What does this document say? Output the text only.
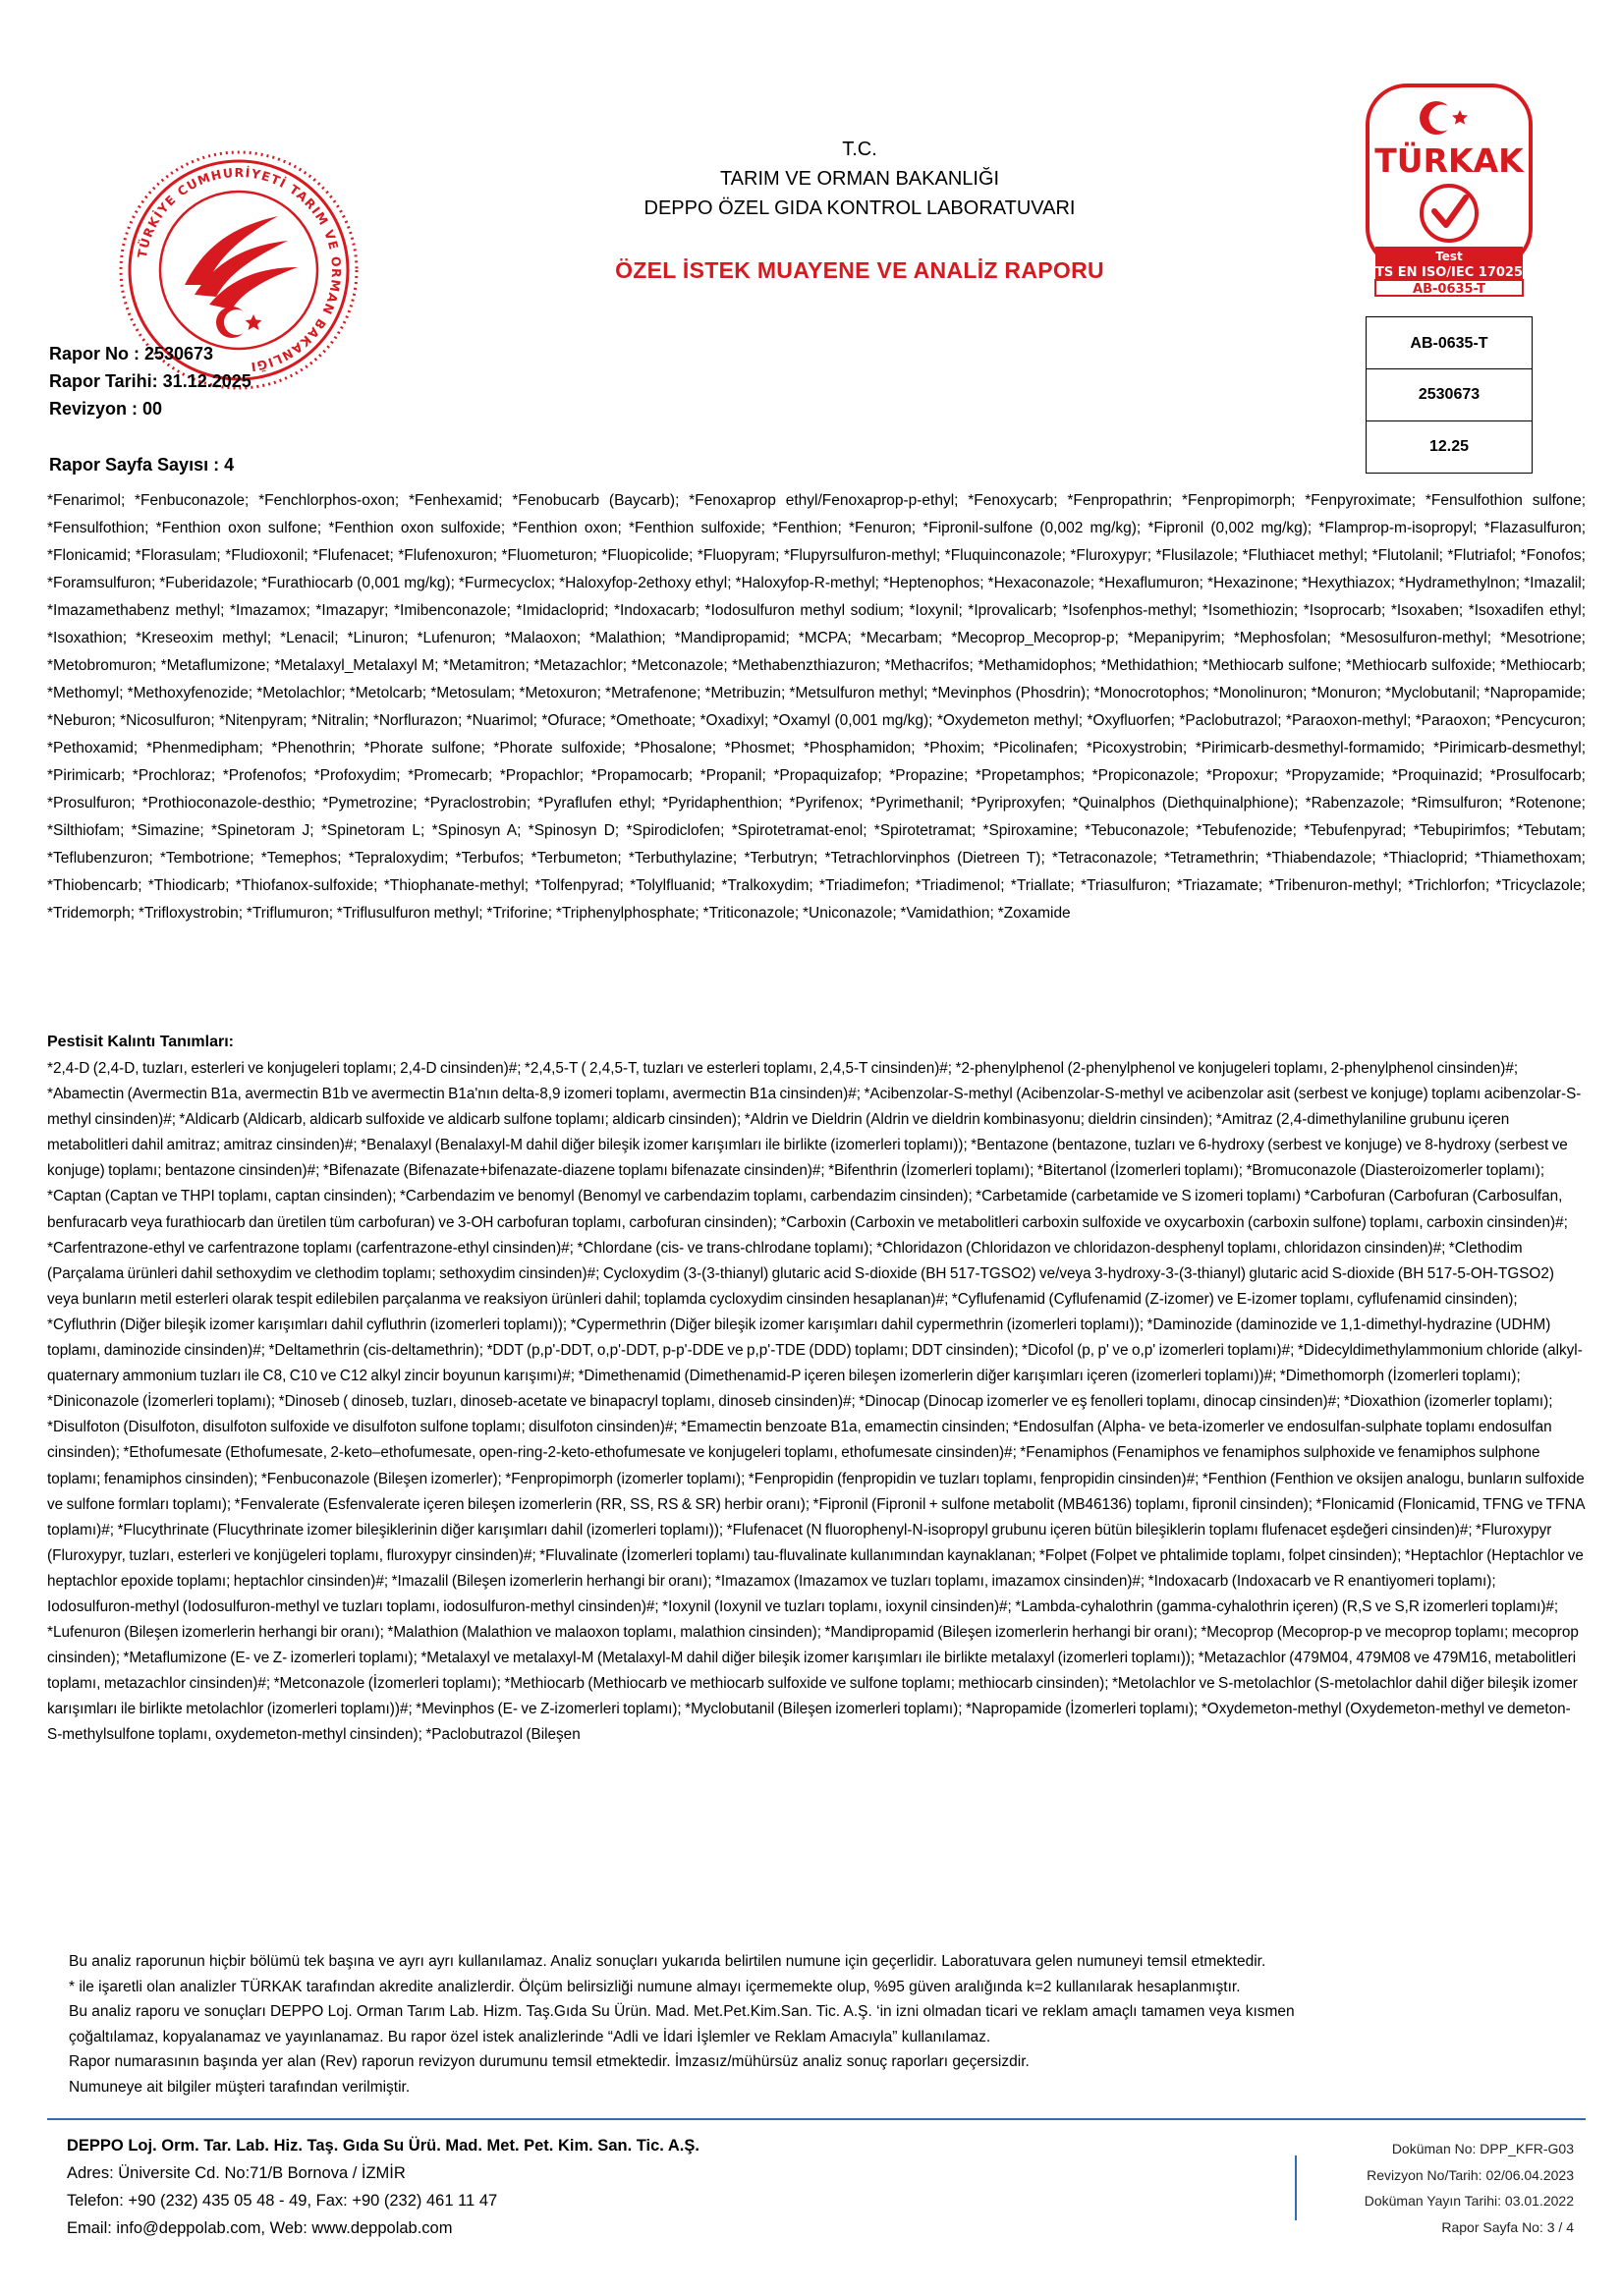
TÜRKİYE CUMHURİYETİ TARIM VE ORMAN BAKANLIĞI
T.C.
TARIM VE ORMAN BAKANLIĞI
DEPPO ÖZEL GIDA KONTROL LABORATUVARI
ÖZEL İSTEK MUAYENE VE ANALİZ RAPORU
TÜRKAK
Test
TS EN ISO/IEC 17025
AB-0635-T
AB-0635-T
2530673
12.25
Rapor No : 2530673
Rapor Tarihi: 31.12.2025
Revizyon : 00
Rapor Sayfa Sayısı : 4
*Fenarimol; *Fenbuconazole; *Fenchlorphos-oxon; *Fenhexamid; *Fenobucarb (Baycarb); *Fenoxaprop ethyl/Fenoxaprop-p-ethyl; *Fenoxycarb; *Fenpropathrin; *Fenpropimorph; *Fenpyroximate; *Fensulfothion sulfone; *Fensulfothion; *Fenthion oxon sulfone; *Fenthion oxon sulfoxide; *Fenthion oxon; *Fenthion sulfoxide; *Fenthion; *Fenuron; *Fipronil-sulfone (0,002 mg/kg); *Fipronil (0,002 mg/kg); *Flamprop-m-isopropyl; *Flazasulfuron; *Flonicamid; *Florasulam; *Fludioxonil; *Flufenacet; *Flufenoxuron; *Fluometuron; *Fluopicolide; *Fluopyram; *Flupyrsulfuron-methyl; *Fluquinconazole; *Fluroxypyr; *Flusilazole; *Fluthiacet methyl; *Flutolanil; *Flutriafol; *Fonofos; *Foramsulfuron; *Fuberidazole; *Furathiocarb (0,001 mg/kg); *Furmecyclox; *Haloxyfop-2ethoxy ethyl; *Haloxyfop-R-methyl; *Heptenophos; *Hexaconazole; *Hexaflumuron; *Hexazinone; *Hexythiazox; *Hydramethylnon; *Imazalil; *Imazamethabenz methyl; *Imazamox; *Imazapyr; *Imibenconazole; *Imidacloprid; *Indoxacarb; *Iodosulfuron methyl sodium; *Ioxynil; *Iprovalicarb; *Isofenphos-methyl; *Isomethiozin; *Isoprocarb; *Isoxaben; *Isoxadifen ethyl; *Isoxathion; *Kreseoxim methyl; *Lenacil; *Linuron; *Lufenuron; *Malaoxon; *Malathion; *Mandipropamid; *MCPA; *Mecarbam; *Mecoprop_Mecoprop-p; *Mepanipyrim; *Mephosfolan; *Mesosulfuron-methyl; *Mesotrione; *Metobromuron; *Metaflumizone; *Metalaxyl_Metalaxyl M; *Metamitron; *Metazachlor; *Metconazole; *Methabenzthiazuron; *Methacrifos; *Methamidophos; *Methidathion; *Methiocarb sulfone; *Methiocarb sulfoxide; *Methiocarb; *Methomyl; *Methoxyfenozide; *Metolachlor; *Metolcarb; *Metosulam; *Metoxuron; *Metrafenone; *Metribuzin; *Metsulfuron methyl; *Mevinphos (Phosdrin); *Monocrotophos; *Monolinuron; *Monuron; *Myclobutanil; *Napropamide; *Neburon; *Nicosulfuron; *Nitenpyram; *Nitralin; *Norflurazon; *Nuarimol; *Ofurace; *Omethoate; *Oxadixyl; *Oxamyl (0,001 mg/kg); *Oxydemeton methyl; *Oxyfluorfen; *Paclobutrazol; *Paraoxon-methyl; *Paraoxon; *Pencycuron; *Pethoxamid; *Phenmedipham; *Phenothrin; *Phorate sulfone; *Phorate sulfoxide; *Phosalone; *Phosmet; *Phosphamidon; *Phoxim; *Picolinafen; *Picoxystrobin; *Pirimicarb-desmethyl-formamido; *Pirimicarb-desmethyl; *Pirimicarb; *Prochloraz; *Profenofos; *Profoxydim; *Promecarb; *Propachlor; *Propamocarb; *Propanil; *Propaquizafop; *Propazine; *Propetamphos; *Propiconazole; *Propoxur; *Propyzamide; *Proquinazid; *Prosulfocarb; *Prosulfuron; *Prothioconazole-desthio; *Pymetrozine; *Pyraclostrobin; *Pyraflufen ethyl; *Pyridaphenthion; *Pyrifenox; *Pyrimethanil; *Pyriproxyfen; *Quinalphos (Diethquinalphione); *Rabenzazole; *Rimsulfuron; *Rotenone; *Silthiofam; *Simazine; *Spinetoram J; *Spinetoram L; *Spinosyn A; *Spinosyn D; *Spirodiclofen; *Spirotetramat-enol; *Spirotetramat; *Spiroxamine; *Tebuconazole; *Tebufenozide; *Tebufenpyrad; *Tebupirimfos; *Tebutam; *Teflubenzuron; *Tembotrione; *Temephos; *Tepraloxydim; *Terbufos; *Terbumeton; *Terbuthylazine; *Terbutryn; *Tetrachlorvinphos (Dietreen T); *Tetraconazole; *Tetramethrin; *Thiabendazole; *Thiacloprid; *Thiamethoxam; *Thiobencarb; *Thiodicarb; *Thiofanox-sulfoxide; *Thiophanate-methyl; *Tolfenpyrad; *Tolylfluanid; *Tralkoxydim; *Triadimefon; *Triadimenol; *Triallate; *Triasulfuron; *Triazamate; *Tribenuron-methyl; *Trichlorfon; *Tricyclazole; *Tridemorph; *Trifloxystrobin; *Triflumuron; *Triflusulfuron methyl; *Triforine; *Triphenylphosphate; *Triticonazole; *Uniconazole; *Vamidathion; *Zoxamide
Pestisit Kalıntı Tanımları:
*2,4-D (2,4-D, tuzları, esterleri ve konjugeleri toplamı; 2,4-D cinsinden)#; *2,4,5-T ( 2,4,5-T, tuzları ve esterleri toplamı, 2,4,5-T cinsinden)#; *2-phenylphenol (2-phenylphenol ve konjugeleri toplamı, 2-phenylphenol cinsinden)#; *Abamectin (Avermectin B1a, avermectin B1b ve avermectin B1a'nın delta-8,9 izomeri toplamı, avermectin B1a cinsinden)#; *Acibenzolar-S-methyl (Acibenzolar-S-methyl ve acibenzolar asit (serbest ve konjuge) toplamı acibenzolar-S-methyl cinsinden)#; *Aldicarb (Aldicarb, aldicarb sulfoxide ve aldicarb sulfone toplamı; aldicarb cinsinden); *Aldrin ve Dieldrin (Aldrin ve dieldrin kombinasyonu; dieldrin cinsinden); *Amitraz (2,4-dimethylaniline grubunu içeren metabolitleri dahil amitraz; amitraz cinsinden)#; *Benalaxyl (Benalaxyl-M dahil diğer bileşik izomer karışımları ile birlikte (izomerleri toplamı)); *Bentazone (bentazone, tuzları ve 6-hydroxy (serbest ve konjuge) ve 8-hydroxy (serbest ve konjuge) toplamı; bentazone cinsinden)#; *Bifenazate (Bifenazate+bifenazate-diazene toplamı bifenazate cinsinden)#; *Bifenthrin (İzomerleri toplamı); *Bitertanol (İzomerleri toplamı); *Bromuconazole (Diasteroizomerler toplamı); *Captan (Captan ve THPI toplamı, captan cinsinden); *Carbendazim ve benomyl (Benomyl ve carbendazim toplamı, carbendazim cinsinden); *Carbetamide (carbetamide ve S izomeri toplamı) *Carbofuran (Carbofuran (Carbosulfan, benfuracarb veya furathiocarb dan üretilen tüm carbofuran) ve 3-OH carbofuran toplamı, carbofuran cinsinden); *Carboxin (Carboxin ve metabolitleri carboxin sulfoxide ve oxycarboxin (carboxin sulfone) toplamı, carboxin cinsinden)#; *Carfentrazone-ethyl ve carfentrazone toplamı (carfentrazone-ethyl cinsinden)#; *Chlordane (cis- ve trans-chlrodane toplamı); *Chloridazon (Chloridazon ve chloridazon-desphenyl toplamı, chloridazon cinsinden)#; *Clethodim (Parçalama ürünleri dahil sethoxydim ve clethodim toplamı; sethoxydim cinsinden)#; Cycloxydim (3-(3-thianyl) glutaric acid S-dioxide (BH 517-TGSO2) ve/veya 3-hydroxy-3-(3-thianyl) glutaric acid S-dioxide (BH 517-5-OH-TGSO2) veya bunların metil esterleri olarak tespit edilebilen parçalanma ve reaksiyon ürünleri dahil; toplamda cycloxydim cinsinden hesaplanan)#; *Cyflufenamid (Cyflufenamid (Z-izomer) ve E-izomer toplamı, cyflufenamid cinsinden); *Cyfluthrin (Diğer bileşik izomer karışımları dahil cyfluthrin (izomerleri toplamı)); *Cypermethrin (Diğer bileşik izomer karışımları dahil cypermethrin (izomerleri toplamı)); *Daminozide (daminozide ve 1,1-dimethyl-hydrazine (UDHM) toplamı, daminozide cinsinden)#; *Deltamethrin (cis-deltamethrin); *DDT (p,p'-DDT, o,p'-DDT, p-p'-DDE ve p,p'-TDE (DDD) toplamı; DDT cinsinden); *Dicofol (p, p' ve o,p' izomerleri toplamı)#; *Didecyldimethylammonium chloride (alkyl-quaternary ammonium tuzları ile C8, C10 ve C12 alkyl zincir boyunun karışımı)#; *Dimethenamid (Dimethenamid-P içeren bileşen izomerlerin diğer karışımları içeren (izomerleri toplamı))#; *Dimethomorph (İzomerleri toplamı); *Diniconazole (İzomerleri toplamı); *Dinoseb ( dinoseb, tuzları, dinoseb-acetate ve binapacryl toplamı, dinoseb cinsinden)#; *Dinocap (Dinocap izomerler ve eş fenolleri toplamı, dinocap cinsinden)#; *Dioxathion (izomerler toplamı); *Disulfoton (Disulfoton, disulfoton sulfoxide ve disulfoton sulfone toplamı; disulfoton cinsinden)#; *Emamectin benzoate B1a, emamectin cinsinden; *Endosulfan (Alpha- ve beta-izomerler ve endosulfan-sulphate toplamı endosulfan cinsinden); *Ethofumesate (Ethofumesate, 2-keto–ethofumesate, open-ring-2-keto-ethofumesate ve konjugeleri toplamı, ethofumesate cinsinden)#; *Fenamiphos (Fenamiphos ve fenamiphos sulphoxide ve fenamiphos sulphone toplamı; fenamiphos cinsinden); *Fenbuconazole (Bileşen izomerler); *Fenpropimorph (izomerler toplamı); *Fenpropidin (fenpropidin ve tuzları toplamı, fenpropidin cinsinden)#; *Fenthion (Fenthion ve oksijen analogu, bunların sulfoxide ve sulfone formları toplamı); *Fenvalerate (Esfenvalerate içeren bileşen izomerlerin (RR, SS, RS & SR) herbir oranı); *Fipronil (Fipronil + sulfone metabolit (MB46136) toplamı, fipronil cinsinden); *Flonicamid (Flonicamid, TFNG ve TFNA toplamı)#; *Flucythrinate (Flucythrinate izomer bileşiklerinin diğer karışımları dahil (izomerleri toplamı)); *Flufenacet (N fluorophenyl-N-isopropyl grubunu içeren bütün bileşiklerin toplamı flufenacet eşdeğeri cinsinden)#; *Fluroxypyr (Fluroxypyr, tuzları, esterleri ve konjügeleri toplamı, fluroxypyr cinsinden)#; *Fluvalinate (İzomerleri toplamı) tau-fluvalinate kullanımından kaynaklanan; *Folpet (Folpet ve phtalimide toplamı, folpet cinsinden); *Heptachlor (Heptachlor ve heptachlor epoxide toplamı; heptachlor cinsinden)#; *Imazalil (Bileşen izomerlerin herhangi bir oranı); *Imazamox (Imazamox ve tuzları toplamı, imazamox cinsinden)#; *Indoxacarb (Indoxacarb ve R enantiyomeri toplamı); Iodosulfuron-methyl (Iodosulfuron-methyl ve tuzları toplamı, iodosulfuron-methyl cinsinden)#; *Ioxynil (Ioxynil ve tuzları toplamı, ioxynil cinsinden)#; *Lambda-cyhalothrin (gamma-cyhalothrin içeren) (R,S ve S,R izomerleri toplamı)#; *Lufenuron (Bileşen izomerlerin herhangi bir oranı); *Malathion (Malathion ve malaoxon toplamı, malathion cinsinden); *Mandipropamid (Bileşen izomerlerin herhangi bir oranı); *Mecoprop (Mecoprop-p ve mecoprop toplamı; mecoprop cinsinden); *Metaflumizone (E- ve Z- izomerleri toplamı); *Metalaxyl ve metalaxyl-M (Metalaxyl-M dahil diğer bileşik izomer karışımları ile birlikte metalaxyl (izomerleri toplamı)); *Metazachlor (479M04, 479M08 ve 479M16, metabolitleri toplamı, metazachlor cinsinden)#; *Metconazole (İzomerleri toplamı); *Methiocarb (Methiocarb ve methiocarb sulfoxide ve sulfone toplamı; methiocarb cinsinden); *Metolachlor ve S-metolachlor (S-metolachlor dahil diğer bileşik izomer karışımları ile birlikte metolachlor (izomerleri toplamı))#; *Mevinphos (E- ve Z-izomerleri toplamı); *Myclobutanil (Bileşen izomerleri toplamı); *Napropamide (İzomerleri toplamı); *Oxydemeton-methyl (Oxydemeton-methyl ve demeton-S-methylsulfone toplamı, oxydemeton-methyl cinsinden); *Paclobutrazol (Bileşen
Bu analiz raporunun hiçbir bölümü tek başına ve ayrı ayrı kullanılamaz. Analiz sonuçları yukarıda belirtilen numune için geçerlidir. Laboratuvara gelen numuneyi temsil etmektedir.
* ile işaretli olan analizler TÜRKAK tarafından akredite analizlerdir. Ölçüm belirsizliği numune almayı içermemekte olup, %95 güven aralığında k=2 kullanılarak hesaplanmıştır.
Bu analiz raporu ve sonuçları DEPPO Loj. Orman Tarım Lab. Hizm. Taş.Gıda Su Ürün. Mad. Met.Pet.Kim.San. Tic. A.Ş. ‘in izni olmadan ticari ve reklam amaçlı tamamen veya kısmen
çoğaltılamaz, kopyalanamaz ve yayınlanamaz. Bu rapor özel istek analizlerinde “Adli ve İdari İşlemler ve Reklam Amacıyla” kullanılamaz.
Rapor numarasının başında yer alan (Rev) raporun revizyon durumunu temsil etmektedir. İmzasız/mühürsüz analiz sonuç raporları geçersizdir.
Numuneye ait bilgiler müşteri tarafından verilmiştir.
DEPPO Loj. Orm. Tar. Lab. Hiz. Taş. Gıda Su Ürü. Mad. Met. Pet. Kim. San. Tic. A.Ş.
Adres: Üniversite Cd. No:71/B Bornova / İZMİR
Telefon: +90 (232) 435 05 48 - 49, Fax: +90 (232) 461 11 47
Email: info@deppolab.com, Web: www.deppolab.com
Doküman No: DPP_KFR-G03
Revizyon No/Tarih: 02/06.04.2023
Doküman Yayın Tarihi: 03.01.2022
Rapor Sayfa No: 3 / 4
